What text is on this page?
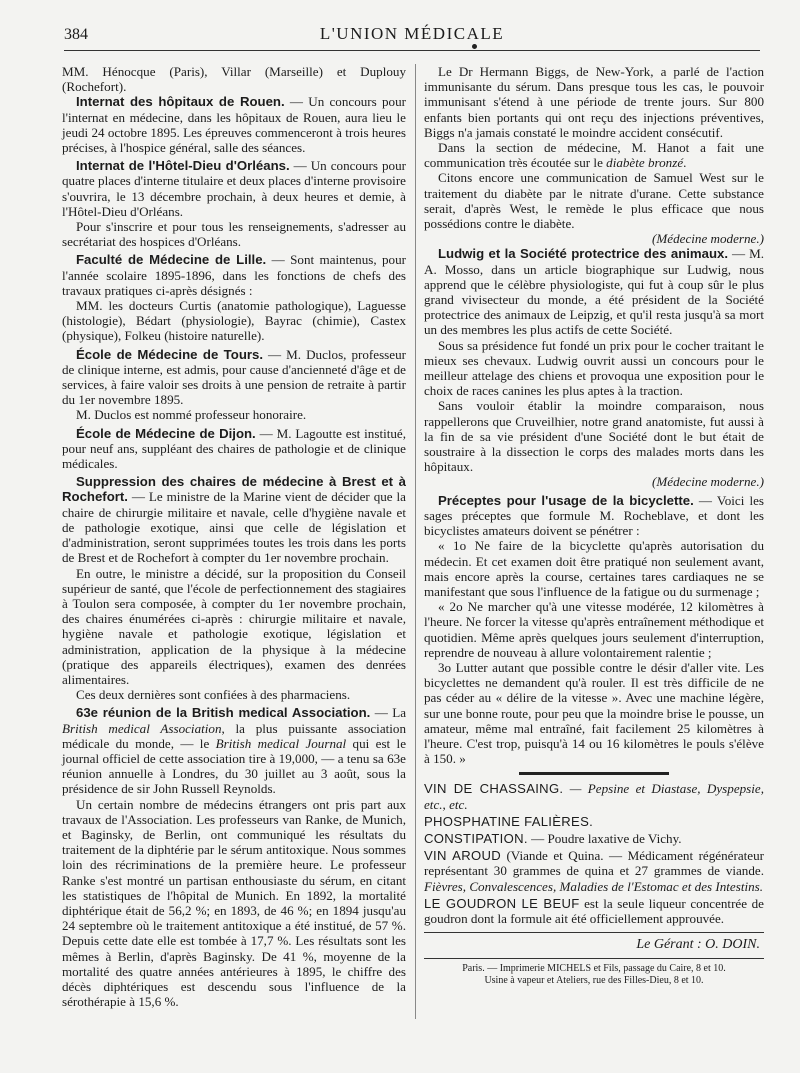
384	L'UNION MÉDICALE

MM. Hénocque (Paris), Villar (Marseille) et Duplouy (Rochefort).

Internat des hôpitaux de Rouen. — Un concours pour l'internat en médecine, dans les hôpitaux de Rouen, aura lieu le jeudi 24 octobre 1895. Les épreuves commenceront à trois heures précises, à l'hospice général, salle des séances.

Internat de l'Hôtel-Dieu d'Orléans. — Un concours pour quatre places d'interne titulaire et deux places d'interne provisoire s'ouvrira, le 13 décembre prochain, à deux heures et demie, à l'Hôtel-Dieu d'Orléans.

Pour s'inscrire et pour tous les renseignements, s'adresser au secrétariat des hospices d'Orléans.

Faculté de Médecine de Lille. — Sont maintenus, pour l'année scolaire 1895-1896, dans les fonctions de chefs des travaux pratiques ci-après désignés :

MM. les docteurs Curtis (anatomie pathologique), Laguesse (histologie), Bédart (physiologie), Bayrac (chimie), Castex (physique), Folkeu (histoire naturelle).

École de Médecine de Tours. — M. Duclos, professeur de clinique interne, est admis, pour cause d'ancienneté d'âge et de services, à faire valoir ses droits à une pension de retraite à partir du 1er novembre 1895.

M. Duclos est nommé professeur honoraire.

École de Médecine de Dijon. — M. Lagoutte est institué, pour neuf ans, suppléant des chaires de pathologie et de clinique médicales.

Suppression des chaires de médecine à Brest et à Rochefort. — Le ministre de la Marine vient de décider que la chaire de chirurgie militaire et navale, celle d'hygiène navale et de pathologie exotique, ainsi que celle de législation et d'administration, seront supprimées toutes les trois dans les ports de Brest et de Rochefort à compter du 1er novembre prochain.

En outre, le ministre a décidé, sur la proposition du Conseil supérieur de santé, que l'école de perfectionnement des stagiaires à Toulon sera composée, à compter du 1er novembre prochain, des chaires énumérées ci-après : chirurgie militaire et navale, hygiène navale et pathologie exotique, législation et administration, application de la physique à la médecine (pratique des appareils électriques), examen des denrées alimentaires.

Ces deux dernières sont confiées à des pharmaciens.

63e réunion de la British medical Association. — La British medical Association, la plus puissante association médicale du monde, — le British medical Journal qui est le journal officiel de cette association tire à 19,000, — a tenu sa 63e réunion annuelle à Londres, du 30 juillet au 3 août, sous la présidence de sir John Russell Reynolds.

Un certain nombre de médecins étrangers ont pris part aux travaux de l'Association. Les professeurs van Ranke, de Munich, et Baginsky, de Berlin, ont communiqué les résultats du traitement de la diphtérie par le sérum antitoxique. Nous sommes loin des récriminations de la première heure. Le professeur Ranke s'est montré un partisan enthousiaste du sérum, en citant les statistiques de l'hôpital de Munich. En 1892, la mortalité diphtérique était de 56,2 %; en 1893, de 46 %; en 1894 jusqu'au 24 septembre où le traitement antitoxique a été institué, de 57 %. Depuis cette date elle est tombée à 17,7 %. Les résultats sont les mêmes à Berlin, d'après Baginsky. De 41 %, moyenne de la mortalité des quatre années antérieures à 1895, le chiffre des décès diphtériques est descendu sous l'influence de la sérothérapie à 15,6 %.

Le Dr Hermann Biggs, de New-York, a parlé de l'action immunisante du sérum. Dans presque tous les cas, le pouvoir immunisant s'étend à une période de trente jours. Sur 800 enfants bien portants qui ont reçu des injections préventives, Biggs n'a jamais constaté le moindre accident consécutif.

Dans la section de médecine, M. Hanot a fait une communication très écoutée sur le diabète bronzé.

Citons encore une communication de Samuel West sur le traitement du diabète par le nitrate d'urane. Cette substance serait, d'après West, le remède le plus efficace que nous possédions contre le diabète.

(Médecine moderne.)

Ludwig et la Société protectrice des animaux. — M. A. Mosso, dans un article biographique sur Ludwig, nous apprend que le célèbre physiologiste, qui fut à coup sûr le plus grand vivisecteur du monde, a été président de la Société protectrice des animaux de Leipzig, et qu'il resta jusqu'à sa mort un des membres les plus actifs de cette Société.

Sous sa présidence fut fondé un prix pour le cocher traitant le mieux ses chevaux. Ludwig ouvrit aussi un concours pour le meilleur attelage des chiens et provoqua une exposition pour le choix de races canines les plus aptes à la traction.

Sans vouloir établir la moindre comparaison, nous rappellerons que Cruveilhier, notre grand anatomiste, fut aussi à la fin de sa vie président d'une Société dont le but était de soustraire à la dissection le corps des malades morts dans les hôpitaux.

(Médecine moderne.)

Préceptes pour l'usage de la bicyclette. — Voici les sages préceptes que formule M. Rocheblave, et dont les bicyclistes amateurs doivent se pénétrer :

« 1o Ne faire de la bicyclette qu'après autorisation du médecin. Et cet examen doit être pratiqué non seulement avant, mais encore après la course, certaines tares cardiaques ne se manifestant que sous l'influence de la fatigue ou du surmenage ;

« 2o Ne marcher qu'à une vitesse modérée, 12 kilomètres à l'heure. Ne forcer la vitesse qu'après entraînement méthodique et quotidien. Même après quelques jours seulement d'interruption, reprendre de nouveau à allure volontairement ralentie ;

3o Lutter autant que possible contre le désir d'aller vite. Les bicyclettes ne demandent qu'à rouler. Il est très difficile de ne pas céder au « délire de la vitesse ». Avec une machine légère, sur une bonne route, pour peu que la moindre brise le pousse, un amateur, même mal entraîné, fait facilement 25 kilomètres à l'heure. C'est trop, puisqu'à 14 ou 16 kilomètres le pouls s'élève à 150. »

VIN DE CHASSAING. — Pepsine et Diastase, Dyspepsie, etc., etc.

PHOSPHATINE FALIÈRES.

CONSTIPATION. — Poudre laxative de Vichy.

VIN AROUD (Viande et Quina. — Médicament régénérateur représentant 30 grammes de quina et 27 grammes de viande. Fièvres, Convalescences, Maladies de l'Estomac et des Intestins.

LE GOUDRON LE BEUF est la seule liqueur concentrée de goudron dont la formule ait été officiellement approuvée.

Le Gérant : O. DOIN.
Paris. — Imprimerie MICHELS et Fils, passage du Caire, 8 et 10.
Usine à vapeur et Ateliers, rue des Filles-Dieu, 8 et 10.
